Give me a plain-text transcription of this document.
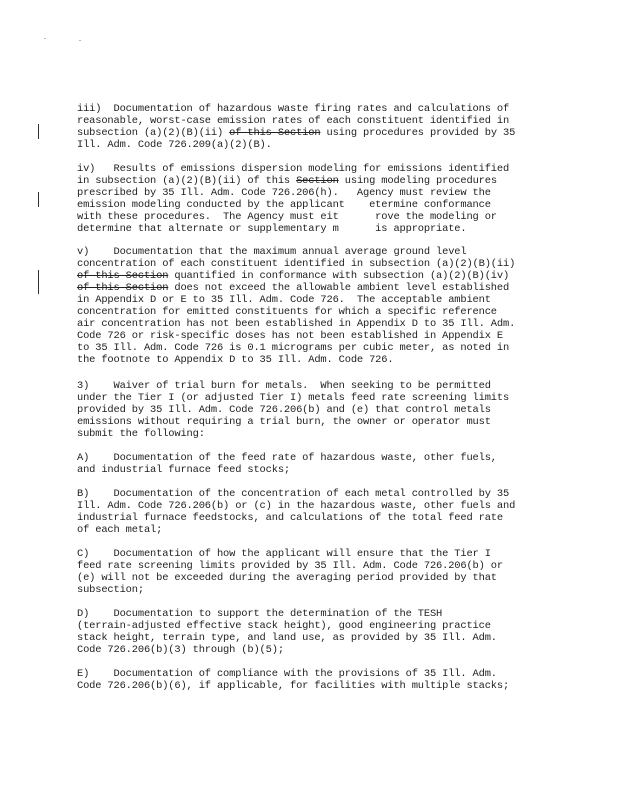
iii)  Documentation of hazardous waste firing rates and calculations of
reasonable, worst-case emission rates of each constituent identified in
subsection (a)(2)(B)(ii) of this Section using procedures provided by 35
Ill. Adm. Code 726.209(a)(2)(B).
iv)   Results of emissions dispersion modeling for emissions identified
in subsection (a)(2)(B)(ii) of this Section using modeling procedures
prescribed by 35 Ill. Adm. Code 726.206(h).   Agency must review the
emission modeling conducted by the applicant    etermine conformance
with these procedures.  The Agency must eit      rove the modeling or
determine that alternate or supplementary m      is appropriate.
v)    Documentation that the maximum annual average ground level
concentration of each constituent identified in subsection (a)(2)(B)(ii)
of this Section quantified in conformance with subsection (a)(2)(B)(iv)
of this Section does not exceed the allowable ambient level established
in Appendix D or E to 35 Ill. Adm. Code 726.  The acceptable ambient
concentration for emitted constituents for which a specific reference
air concentration has not been established in Appendix D to 35 Ill. Adm.
Code 726 or risk-specific doses has not been established in Appendix E
to 35 Ill. Adm. Code 726 is 0.1 micrograms per cubic meter, as noted in
the footnote to Appendix D to 35 Ill. Adm. Code 726.
3)    Waiver of trial burn for metals.  When seeking to be permitted
under the Tier I (or adjusted Tier I) metals feed rate screening limits
provided by 35 Ill. Adm. Code 726.206(b) and (e) that control metals
emissions without requiring a trial burn, the owner or operator must
submit the following:
A)    Documentation of the feed rate of hazardous waste, other fuels,
and industrial furnace feed stocks;
B)    Documentation of the concentration of each metal controlled by 35
Ill. Adm. Code 726.206(b) or (c) in the hazardous waste, other fuels and
industrial furnace feedstocks, and calculations of the total feed rate
of each metal;
C)    Documentation of how the applicant will ensure that the Tier I
feed rate screening limits provided by 35 Ill. Adm. Code 726.206(b) or
(e) will not be exceeded during the averaging period provided by that
subsection;
D)    Documentation to support the determination of the TESH
(terrain-adjusted effective stack height), good engineering practice
stack height, terrain type, and land use, as provided by 35 Ill. Adm.
Code 726.206(b)(3) through (b)(5);
E)    Documentation of compliance with the provisions of 35 Ill. Adm.
Code 726.206(b)(6), if applicable, for facilities with multiple stacks;
